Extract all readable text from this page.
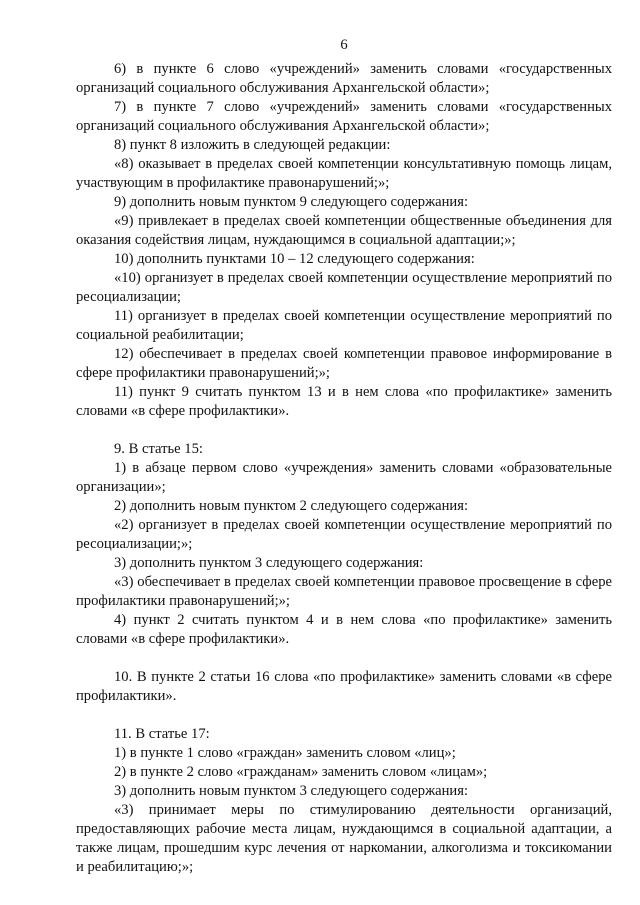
6

6) в пункте 6 слово «учреждений» заменить словами «государственных организаций социального обслуживания Архангельской области»;

7) в пункте 7 слово «учреждений» заменить словами «государственных организаций социального обслуживания Архангельской области»;

8) пункт 8 изложить в следующей редакции:

«8) оказывает в пределах своей компетенции консультативную помощь лицам, участвующим в профилактике правонарушений;»;

9) дополнить новым пунктом 9 следующего содержания:

«9) привлекает в пределах своей компетенции общественные объединения для оказания содействия лицам, нуждающимся в социальной адаптации;»;

10) дополнить пунктами 10 – 12 следующего содержания:

«10) организует в пределах своей компетенции осуществление мероприятий по ресоциализации;

11) организует в пределах своей компетенции осуществление мероприятий по социальной реабилитации;

12) обеспечивает в пределах своей компетенции правовое информирование в сфере профилактики правонарушений;»;

11) пункт 9 считать пунктом 13 и в нем слова «по профилактике» заменить словами «в сфере профилактики».

9. В статье 15:

1) в абзаце первом слово «учреждения» заменить словами «образовательные организации»;

2) дополнить новым пунктом 2 следующего содержания:

«2) организует в пределах своей компетенции осуществление мероприятий по ресоциализации;»;

3) дополнить пунктом 3 следующего содержания:

«3) обеспечивает в пределах своей компетенции правовое просвещение в сфере профилактики правонарушений;»;

4) пункт 2 считать пунктом 4 и в нем слова «по профилактике» заменить словами «в сфере профилактики».

10. В пункте 2 статьи 16 слова «по профилактике» заменить словами «в сфере профилактики».

11. В статье 17:

1) в пункте 1 слово «граждан» заменить словом «лиц»;

2) в пункте 2 слово «гражданам» заменить словом «лицам»;

3) дополнить новым пунктом 3 следующего содержания:

«3) принимает меры по стимулированию деятельности организаций, предоставляющих рабочие места лицам, нуждающимся в социальной адаптации, а также лицам, прошедшим курс лечения от наркомании, алкоголизма и токсикомании и реабилитацию;»;
